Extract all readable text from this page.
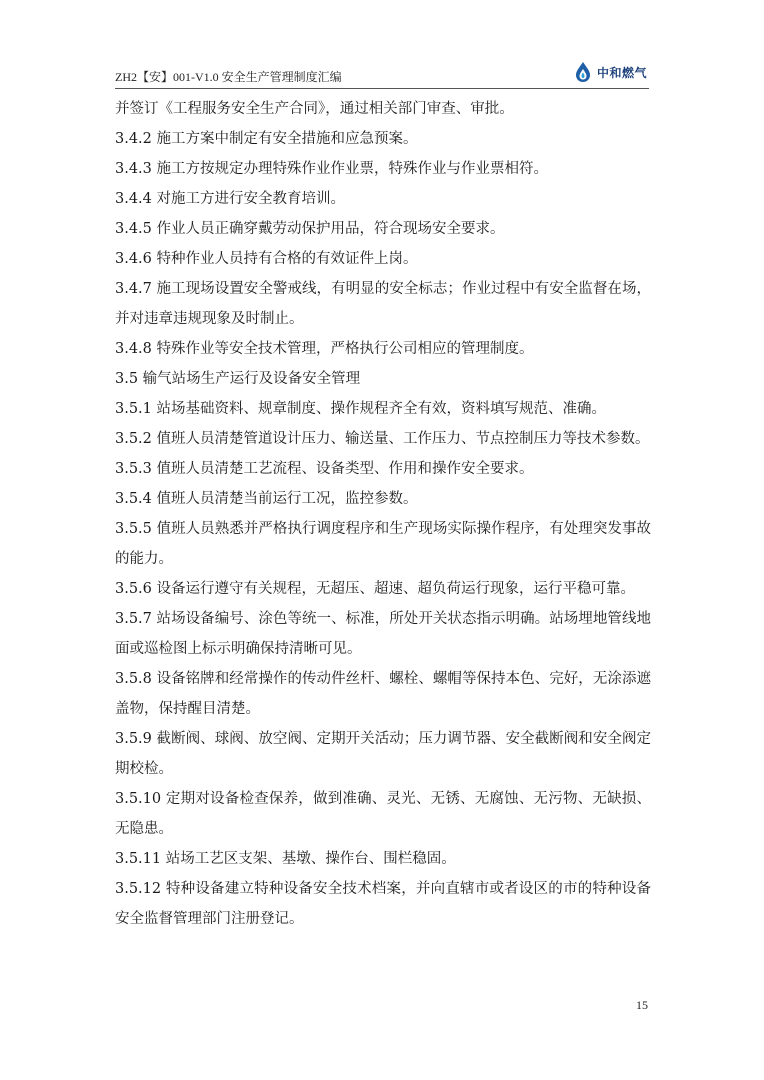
ZH2【安】001-V1.0 安全生产管理制度汇编	中和燃气

并签订《工程服务安全生产合同》，通过相关部门审查、审批。

3.4.2 施工方案中制定有安全措施和应急预案。

3.4.3 施工方按规定办理特殊作业作业票，特殊作业与作业票相符。

3.4.4 对施工方进行安全教育培训。

3.4.5 作业人员正确穿戴劳动保护用品，符合现场安全要求。

3.4.6 特种作业人员持有合格的有效证件上岗。

3.4.7 施工现场设置安全警戒线，有明显的安全标志；作业过程中有安全监督在场，并对违章违规现象及时制止。

3.4.8 特殊作业等安全技术管理，严格执行公司相应的管理制度。

3.5 输气站场生产运行及设备安全管理

3.5.1 站场基础资料、规章制度、操作规程齐全有效，资料填写规范、准确。

3.5.2 值班人员清楚管道设计压力、输送量、工作压力、节点控制压力等技术参数。

3.5.3 值班人员清楚工艺流程、设备类型、作用和操作安全要求。

3.5.4 值班人员清楚当前运行工况，监控参数。

3.5.5 值班人员熟悉并严格执行调度程序和生产现场实际操作程序，有处理突发事故的能力。

3.5.6 设备运行遵守有关规程，无超压、超速、超负荷运行现象，运行平稳可靠。

3.5.7 站场设备编号、涂色等统一、标准，所处开关状态指示明确。站场埋地管线地面或巡检图上标示明确保持清晰可见。

3.5.8 设备铭牌和经常操作的传动件丝杆、螺栓、螺帽等保持本色、完好，无涂添遮盖物，保持醒目清楚。

3.5.9 截断阀、球阀、放空阀、定期开关活动；压力调节器、安全截断阀和安全阀定期校检。

3.5.10 定期对设备检查保养，做到准确、灵光、无锈、无腐蚀、无污物、无缺损、无隐患。

3.5.11 站场工艺区支架、基墩、操作台、围栏稳固。

3.5.12 特种设备建立特种设备安全技术档案，并向直辖市或者设区的市的特种设备安全监督管理部门注册登记。

15
